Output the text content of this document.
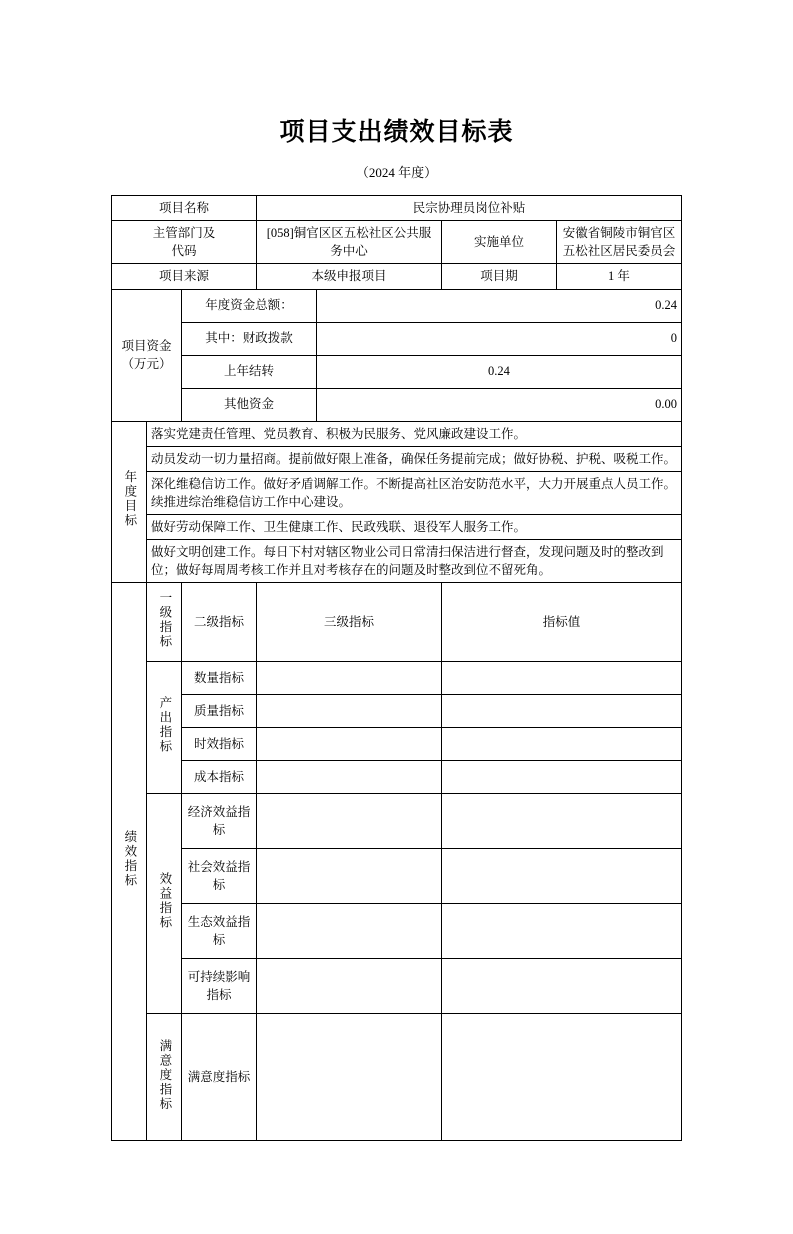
项目支出绩效目标表
（2024 年度）
项目名称			民宗协理员岗位补贴			

主管部门及
代码			[058]铜官区区五松社区公共服务中心		实施单位	安徽省铜陵市铜官区五松社区居民委员会
项目来源			本级申报项目		项目期	1 年

项目资金
（万元）		年度资金总额：		0.24		
		其中：财政拨款		0		
		上年结转		0.24		
		其他资金		0.00		
年度目标	落实党建责任管理、党员教育、积极为民服务、党风廉政建设工作。					
	动员发动一切力量招商。提前做好限上准备，确保任务提前完成；做好协税、护税、吸税工作。					
	深化维稳信访工作。做好矛盾调解工作。不断提高社区治安防范水平，大力开展重点人员工作。续推进综治维稳信访工作中心建设。					
	做好劳动保障工作、卫生健康工作、民政残联、退役军人服务工作。					
	做好文明创建工作。每日下村对辖区物业公司日常清扫保洁进行督查，发现问题及时的整改到位；做好每周周考核工作并且对考核存在的问题及时整改到位不留死角。					
绩效指标	一级指标	二级指标	三级指标		指标值	
	产出指标	数量指标				
		质量指标				
		时效指标				
		成本指标				
	效益指标	经济效益指标				
		社会效益指标				
		生态效益指标				
		可持续影响指标				
	满意度指标	满意度指标				
